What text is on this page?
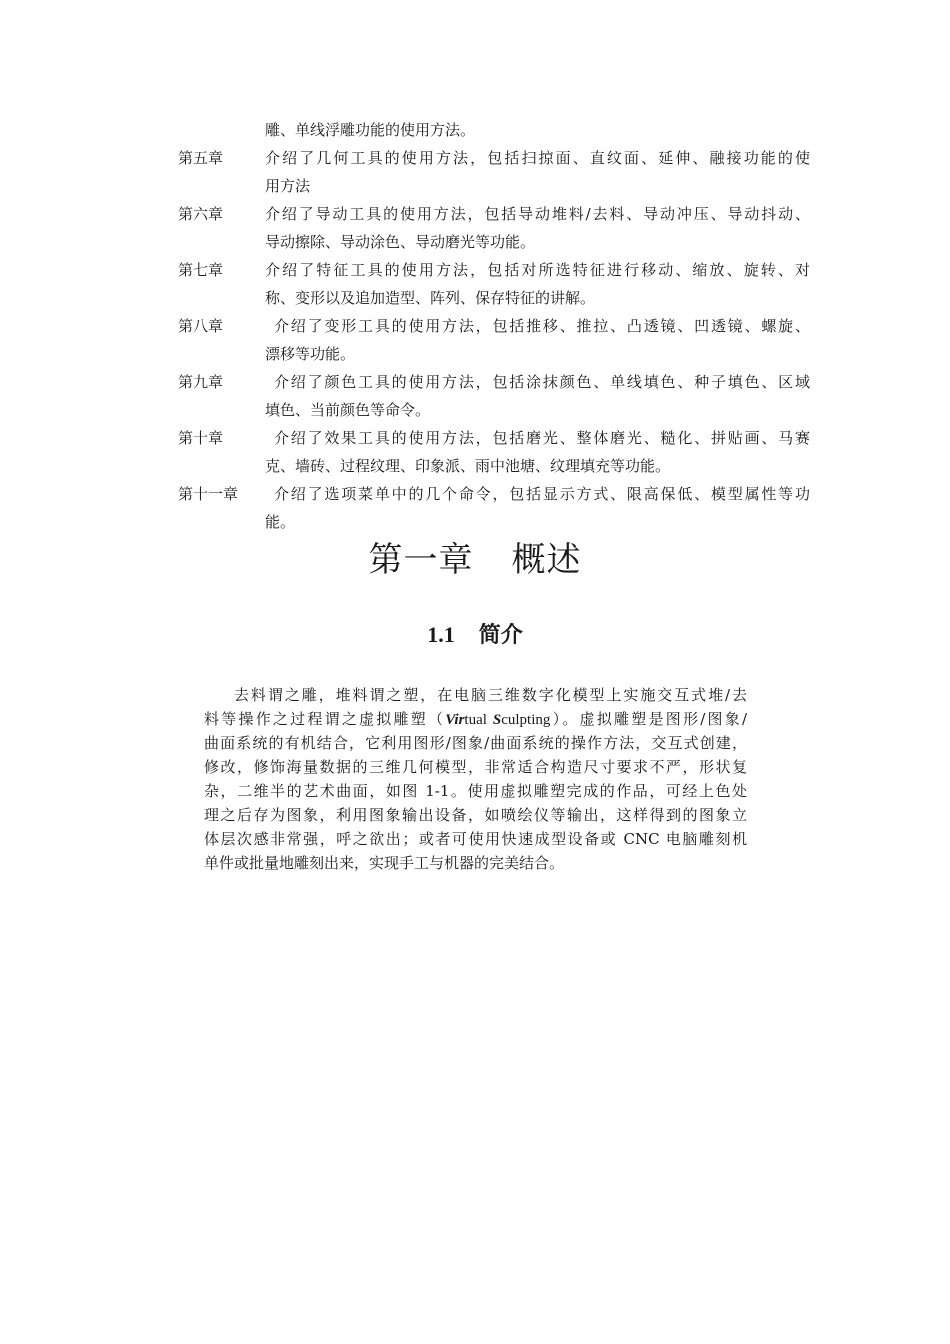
雕、单线浮雕功能的使用方法。
第五章	介绍了几何工具的使用方法，包括扫掠面、直纹面、延伸、融接功能的使
用方法
第六章	介绍了导动工具的使用方法，包括导动堆料/去料、导动冲压、导动抖动、
导动擦除、导动涂色、导动磨光等功能。
第七章	介绍了特征工具的使用方法，包括对所选特征进行移动、缩放、旋转、对
称、变形以及追加造型、阵列、保存特征的讲解。
第八章	介绍了变形工具的使用方法，包括推移、推拉、凸透镜、凹透镜、螺旋、
漂移等功能。
第九章	介绍了颜色工具的使用方法，包括涂抹颜色、单线填色、种子填色、区域
填色、当前颜色等命令。
第十章	介绍了效果工具的使用方法，包括磨光、整体磨光、糙化、拼贴画、马赛
克、墙砖、过程纹理、印象派、雨中池塘、纹理填充等功能。
第十一章	介绍了选项菜单中的几个命令，包括显示方式、限高保低、模型属性等功
能。
第一章 概述
1.1 简介
去料谓之雕，堆料谓之塑，在电脑三维数字化模型上实施交互式堆/去
料等操作之过程谓之虚拟雕塑（Virtual Sculpting）。虚拟雕塑是图形/图象/
曲面系统的有机结合，它利用图形/图象/曲面系统的操作方法，交互式创建，
修改，修饰海量数据的三维几何模型，非常适合构造尺寸要求不严，形状复
杂，二维半的艺术曲面，如图 1-1。使用虚拟雕塑完成的作品，可经上色处
理之后存为图象，利用图象输出设备，如喷绘仪等输出，这样得到的图象立
体层次感非常强，呼之欲出；或者可使用快速成型设备或 CNC 电脑雕刻机
单件或批量地雕刻出来，实现手工与机器的完美结合。
